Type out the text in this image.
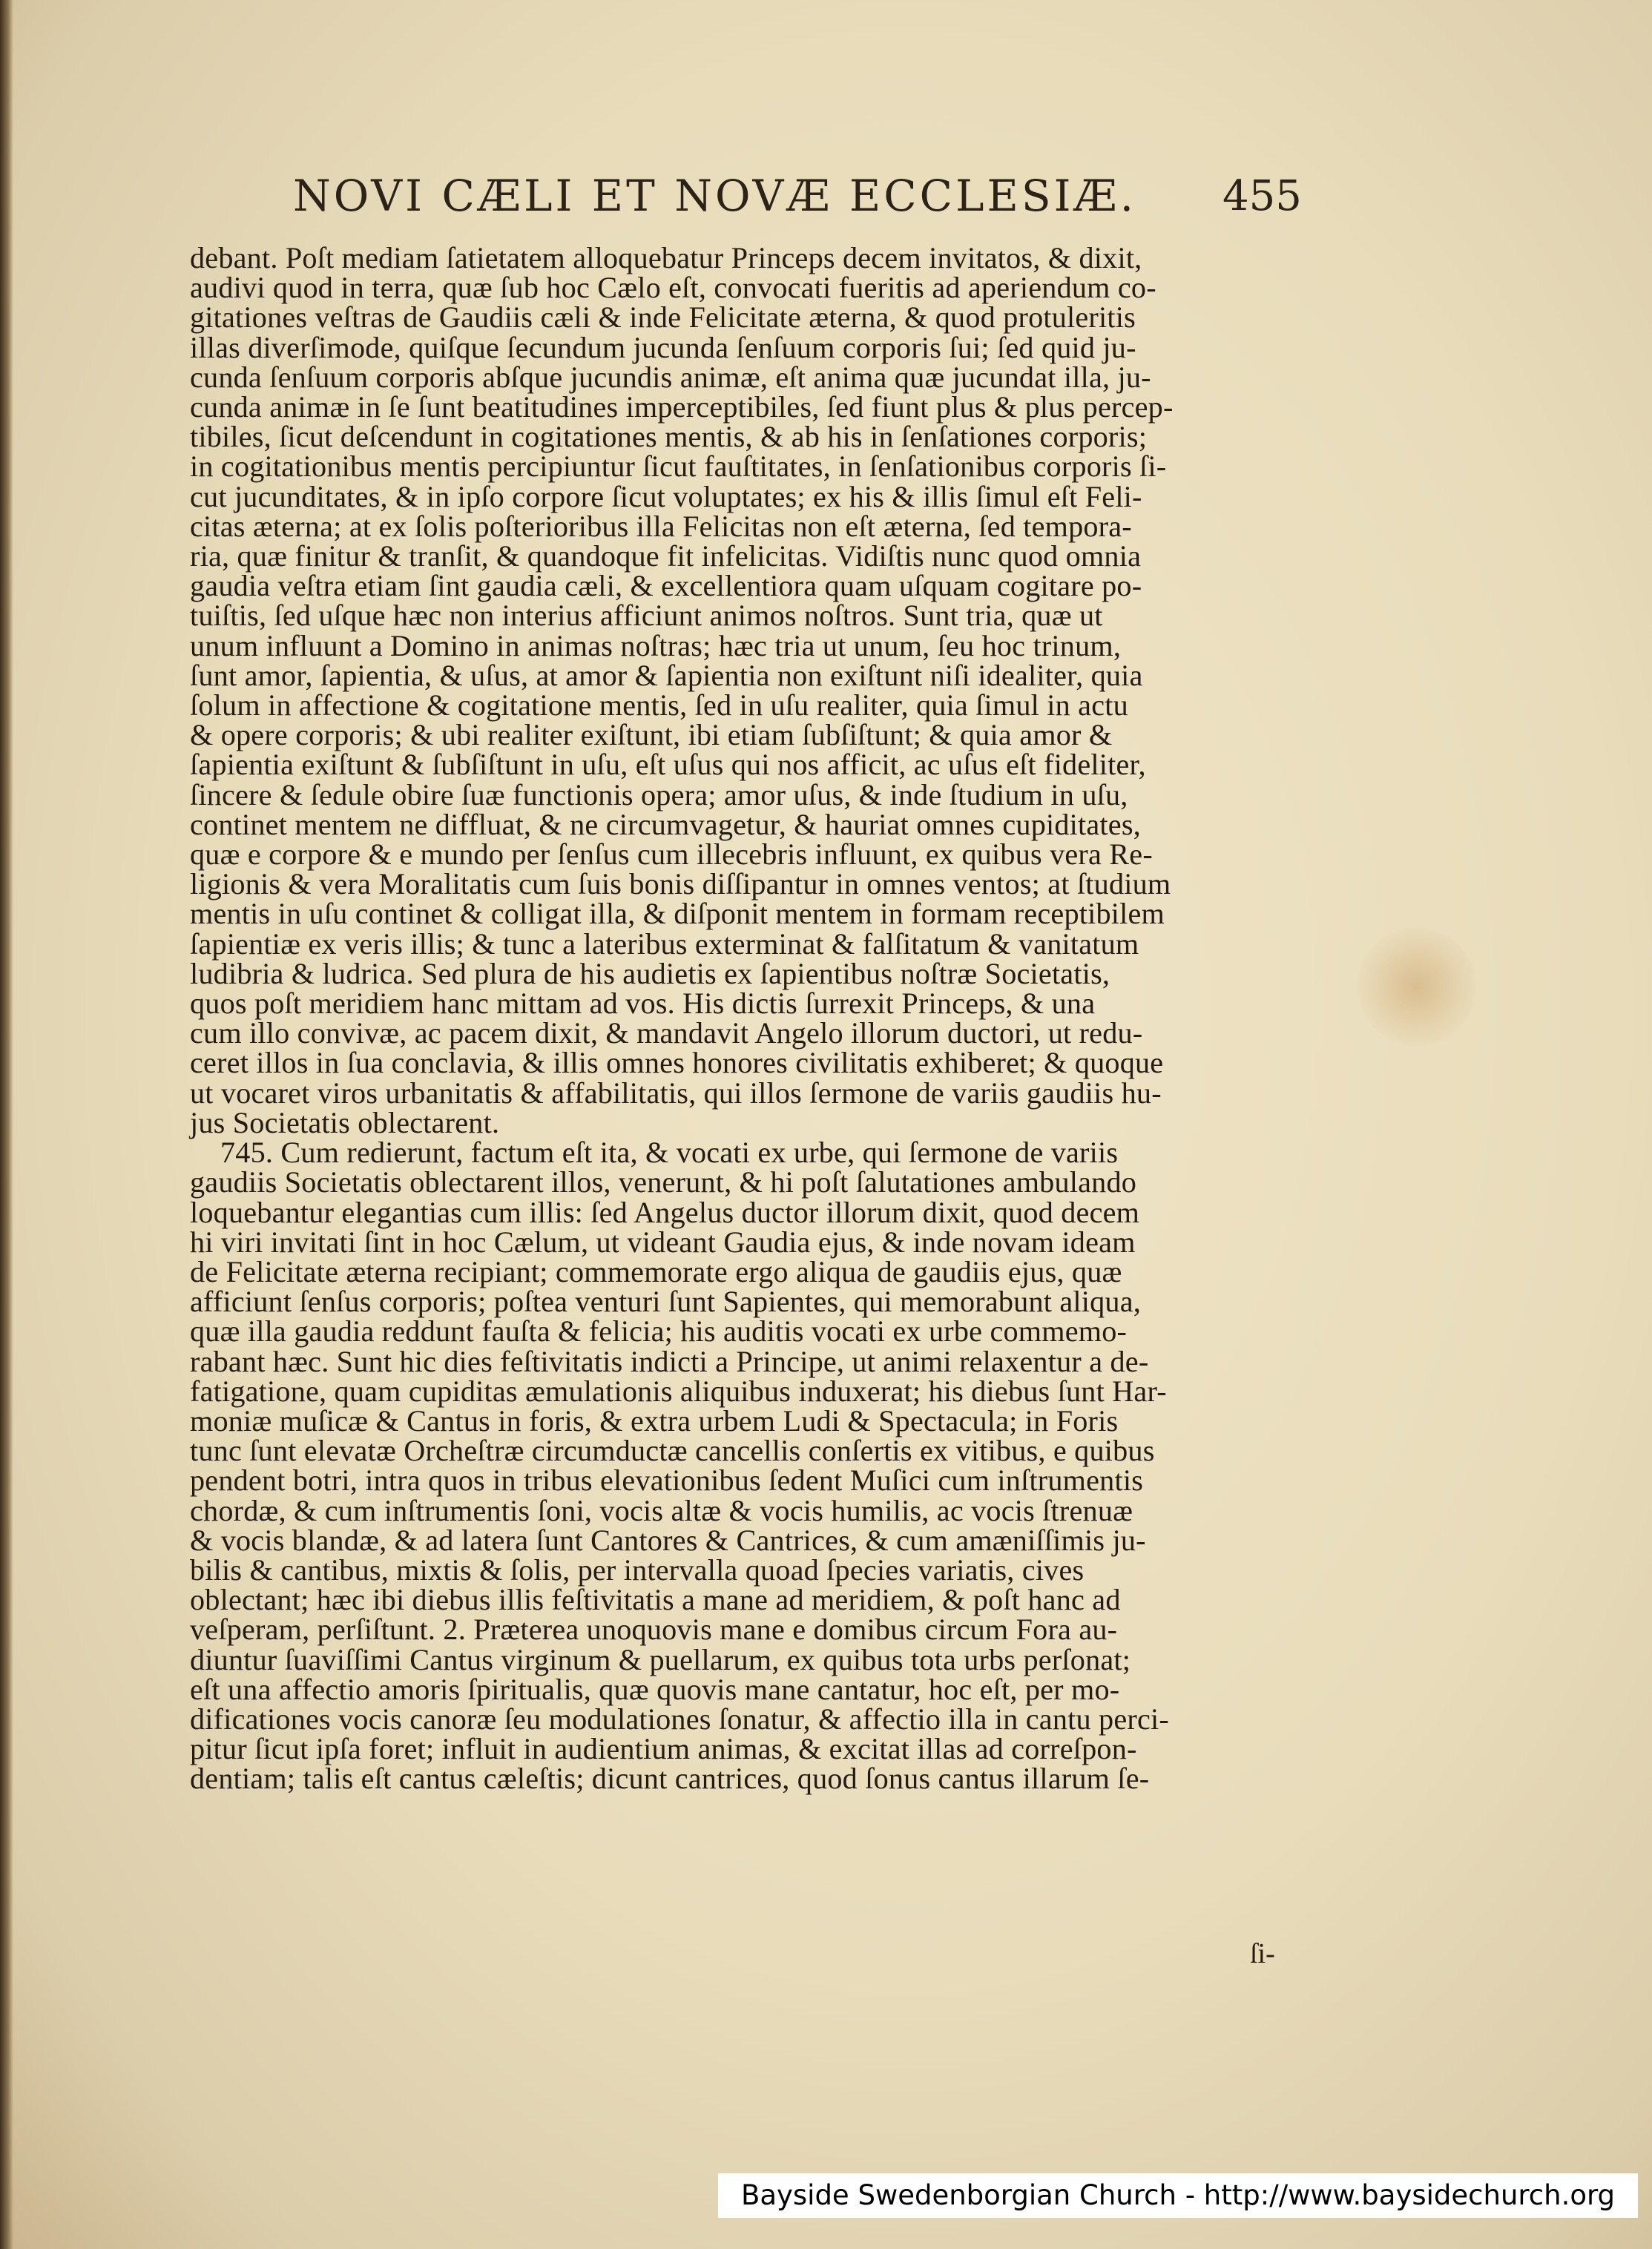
NOVI CÆLI ET NOVÆ ECCLESIÆ.	455
debant. Poſt mediam ſatietatem alloquebatur Princeps decem invitatos, & dixit,
audivi quod in terra, quæ ſub hoc Cælo eſt, convocati fueritis ad aperiendum co-
gitationes veſtras de Gaudiis cæli & inde Felicitate æterna, & quod protuleritis
illas diverſimode, quiſque ſecundum jucunda ſenſuum corporis ſui; ſed quid ju-
cunda ſenſuum corporis abſque jucundis animæ, eſt anima quæ jucundat illa, ju-
cunda animæ in ſe ſunt beatitudines imperceptibiles, ſed fiunt plus & plus percep-
tibiles, ſicut deſcendunt in cogitationes mentis, & ab his in ſenſationes corporis;
in cogitationibus mentis percipiuntur ſicut fauſtitates, in ſenſationibus corporis ſi-
cut jucunditates, & in ipſo corpore ſicut voluptates; ex his & illis ſimul eſt Feli-
citas æterna; at ex ſolis poſterioribus illa Felicitas non eſt æterna, ſed tempora-
ria, quæ finitur & tranſit, & quandoque fit infelicitas. Vidiſtis nunc quod omnia
gaudia veſtra etiam ſint gaudia cæli, & excellentiora quam uſquam cogitare po-
tuiſtis, ſed uſque hæc non interius afficiunt animos noſtros. Sunt tria, quæ ut
unum influunt a Domino in animas noſtras; hæc tria ut unum, ſeu hoc trinum,
ſunt amor, ſapientia, & uſus, at amor & ſapientia non exiſtunt niſi idealiter, quia
ſolum in affectione & cogitatione mentis, ſed in uſu realiter, quia ſimul in actu
& opere corporis; & ubi realiter exiſtunt, ibi etiam ſubſiſtunt; & quia amor &
ſapientia exiſtunt & ſubſiſtunt in uſu, eſt uſus qui nos afficit, ac uſus eſt fideliter,
ſincere & ſedule obire ſuæ functionis opera; amor uſus, & inde ſtudium in uſu,
continet mentem ne diffluat, & ne circumvagetur, & hauriat omnes cupiditates,
quæ e corpore & e mundo per ſenſus cum illecebris influunt, ex quibus vera Re-
ligionis & vera Moralitatis cum ſuis bonis diſſipantur in omnes ventos; at ſtudium
mentis in uſu continet & colligat illa, & diſponit mentem in formam receptibilem
ſapientiæ ex veris illis; & tunc a lateribus exterminat & falſitatum & vanitatum
ludibria & ludrica. Sed plura de his audietis ex ſapientibus noſtræ Societatis,
quos poſt meridiem hanc mittam ad vos. His dictis ſurrexit Princeps, & una
cum illo convivæ, ac pacem dixit, & mandavit Angelo illorum ductori, ut redu-
ceret illos in ſua conclavia, & illis omnes honores civilitatis exhiberet; & quoque
ut vocaret viros urbanitatis & affabilitatis, qui illos ſermone de variis gaudiis hu-
jus Societatis oblectarent.
745. Cum redierunt, factum eſt ita, & vocati ex urbe, qui ſermone de variis
gaudiis Societatis oblectarent illos, venerunt, & hi poſt ſalutationes ambulando
loquebantur elegantias cum illis: ſed Angelus ductor illorum dixit, quod decem
hi viri invitati ſint in hoc Cælum, ut videant Gaudia ejus, & inde novam ideam
de Felicitate æterna recipiant; commemorate ergo aliqua de gaudiis ejus, quæ
afficiunt ſenſus corporis; poſtea venturi ſunt Sapientes, qui memorabunt aliqua,
quæ illa gaudia reddunt fauſta & felicia; his auditis vocati ex urbe commemo-
rabant hæc. Sunt hic dies feſtivitatis indicti a Principe, ut animi relaxentur a de-
fatigatione, quam cupiditas æmulationis aliquibus induxerat; his diebus ſunt Har-
moniæ muſicæ & Cantus in foris, & extra urbem Ludi & Spectacula; in Foris
tunc ſunt elevatæ Orcheſtræ circumductæ cancellis conſertis ex vitibus, e quibus
pendent botri, intra quos in tribus elevationibus ſedent Muſici cum inſtrumentis
chordæ, & cum inſtrumentis ſoni, vocis altæ & vocis humilis, ac vocis ſtrenuæ
& vocis blandæ, & ad latera ſunt Cantores & Cantrices, & cum amæniſſimis ju-
bilis & cantibus, mixtis & ſolis, per intervalla quoad ſpecies variatis, cives
oblectant; hæc ibi diebus illis feſtivitatis a mane ad meridiem, & poſt hanc ad
veſperam, perſiſtunt. 2. Præterea unoquovis mane e domibus circum Fora au-
diuntur ſuaviſſimi Cantus virginum & puellarum, ex quibus tota urbs perſonat;
eſt una affectio amoris ſpiritualis, quæ quovis mane cantatur, hoc eſt, per mo-
dificationes vocis canoræ ſeu modulationes ſonatur, & affectio illa in cantu perci-
pitur ſicut ipſa foret; influit in audientium animas, & excitat illas ad correſpon-
dentiam; talis eſt cantus cæleſtis; dicunt cantrices, quod ſonus cantus illarum ſe-
ſi-
Bayside Swedenborgian Church - http://www.baysidechurch.org
